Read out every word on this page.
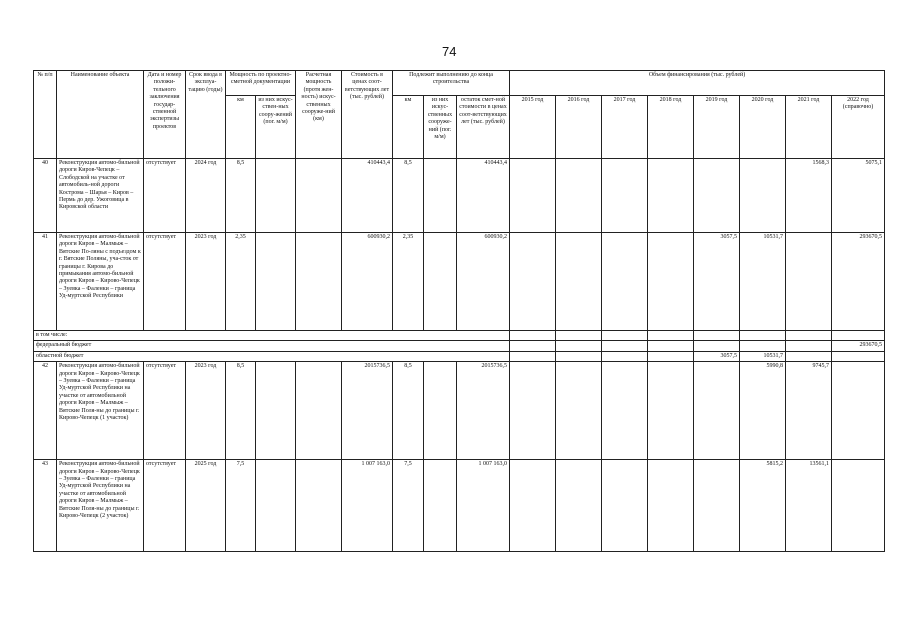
74
№ п/п	Наименование объекта	Дата и номер положи-тельного заключения государ-ственной экспертизы проектов	Срок ввода в эксплуа-тацию (годы)	Мощность по проектно-сметной документации		Расчетная мощность (протя жен-ность) искус-ственных сооруже-ний (км)	Стоимость в ценах соот-ветствующих лет (тыс. рублей)	Подлежит выполнению до конца строительства			Объем финансирования (тыс. рублей)							
				км	из них искус-ствен-ных соору-жений (пог. м/м)			км	из них искус-ственных сооруже-ний (пог. м/м)	остаток смет-ной стоимости в ценах соот-ветствующих лет (тыс. рублей)	2015 год	2016 год	2017 год	2018 год	2019 год	2020 год	2021 год	2022 год (справочно)
40	Реконструкция автомо-бильной дороги Киров-Чепецк – Слободской на участке от автомобиль-ной дороги Кострома – Шарья – Киров – Пермь до дер. Ужоговица в Кировской области	отсутствует	2024 год	8,5			410443,4	8,5		410443,4							1568,3	5075,1
41	Реконструкция автомо-бильной дороги Киров – Малмыж – Вятские По-ляны с подъездом к г. Вятские Поляны, уча-сток от границы г. Кирова до примыкания автомо-бильной дороги Киров – Кирово-Чепецк – Зуевка – Фаленки – граница Уд-муртской Республики	отсутствует	2023 год	2,35			600930,2	2,35		600930,2					3057,5	10531,7		293670,5
в том числе:																		
федеральный бюджет																		293670,5
областной бюджет															3057,5	10531,7		
42	Реконструкция автомо-бильной дороги Киров – Кирово-Чепецк – Зуевка – Фаленки – граница Уд-муртской Республики на участке от автомобильной дороги Киров – Малмыж – Вятские Поля-ны до границы г. Кирово-Чепецк (1 участок)	отсутствует	2023 год	8,5			2015736,5	8,5		2015736,5						5990,8	9745,7	
43	Реконструкция автомо-бильной дороги Киров – Кирово-Чепецк – Зуевка – Фаленки – граница Уд-муртской Республики на участке от автомобильной дороги Киров – Малмыж – Вятские Поля-ны до границы г. Кирово-Чепецк (2 участок)	отсутствует	2025 год	7,5			1 007 163,0	7,5		1 007 163,0						5815,2	13561,1	
